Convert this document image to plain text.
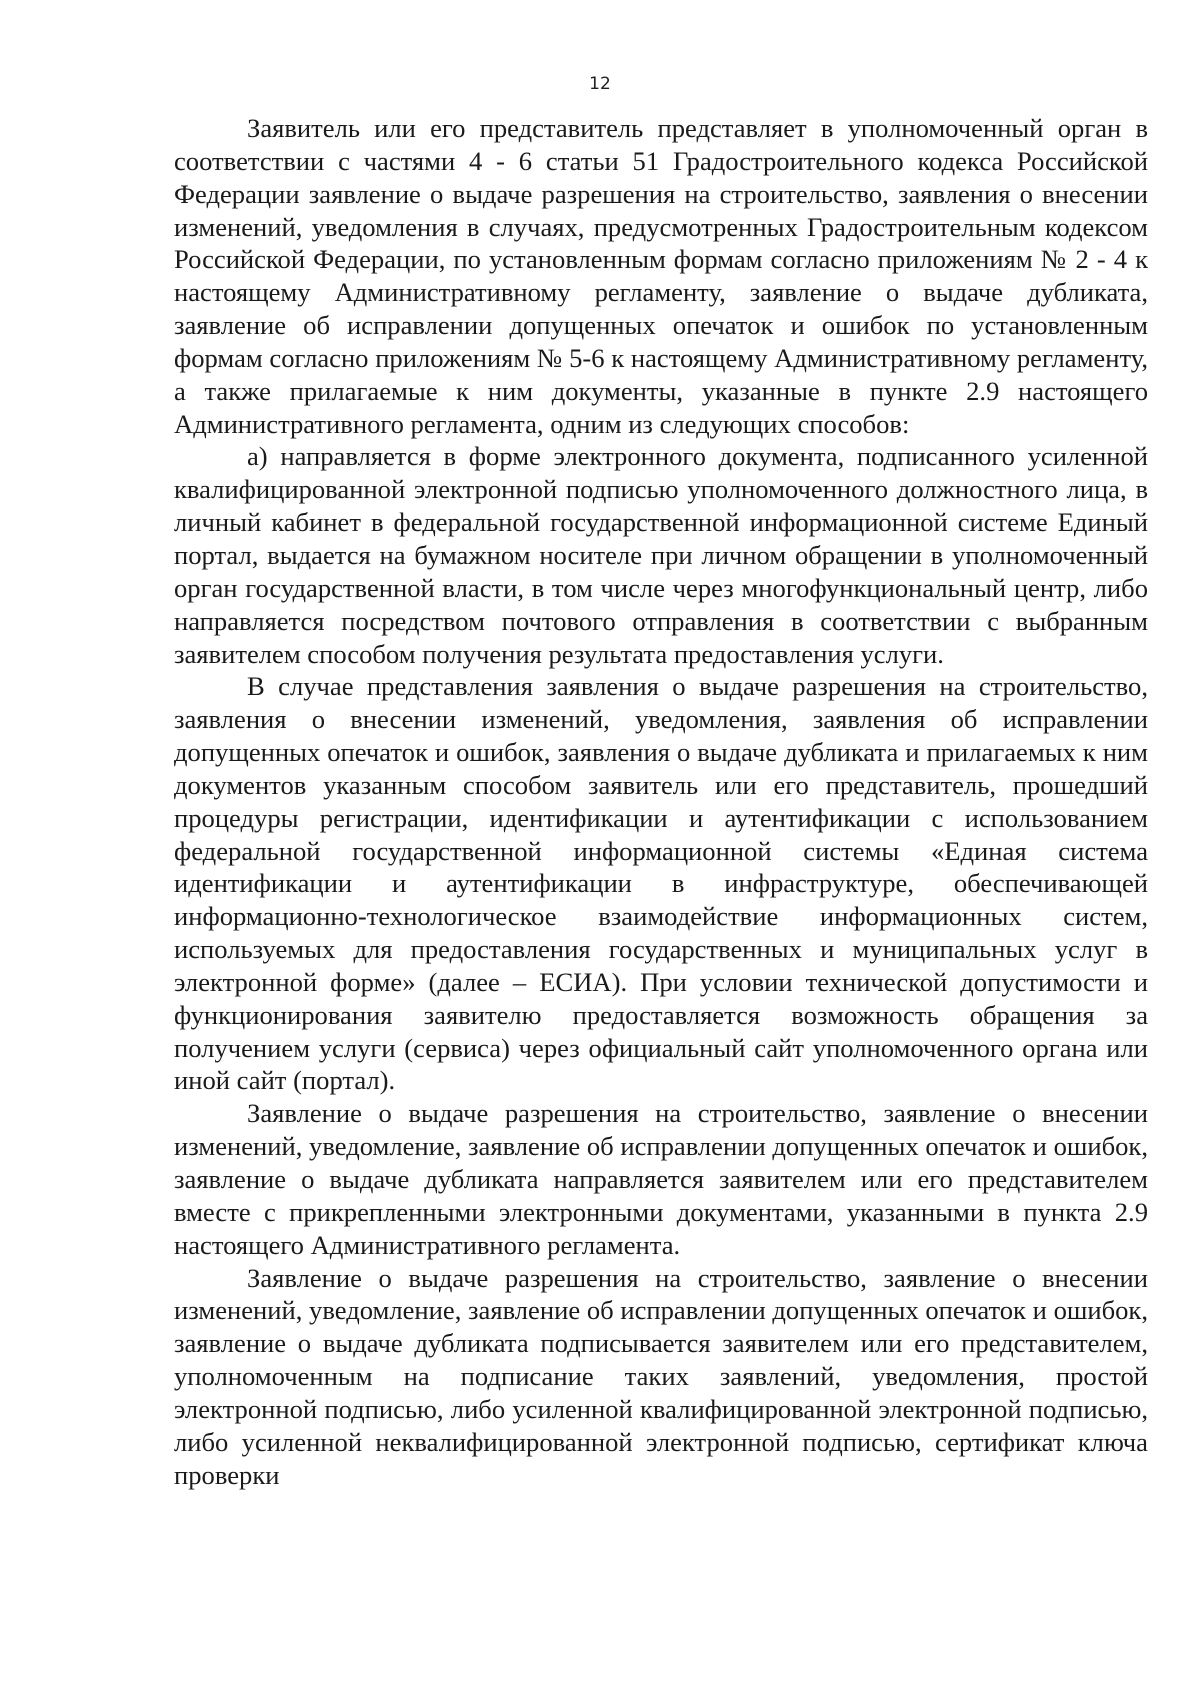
12

Заявитель или его представитель представляет в уполномоченный орган в соответствии с частями 4 - 6 статьи 51 Градостроительного кодекса Российской Федерации заявление о выдаче разрешения на строительство, заявления о внесении изменений, уведомления в случаях, предусмотренных Градостроительным кодексом Российской Федерации, по установленным формам согласно приложениям № 2 - 4 к настоящему Административному регламенту, заявление о выдаче дубликата, заявление об исправлении допущенных опечаток и ошибок по установленным формам согласно приложениям № 5-6 к настоящему Административному регламенту, а также прилагаемые к ним документы, указанные в пункте 2.9 настоящего Административного регламента, одним из следующих способов:

а) направляется в форме электронного документа, подписанного усиленной квалифицированной электронной подписью уполномоченного должностного лица, в личный кабинет в федеральной государственной информационной системе Единый портал, выдается на бумажном носителе при личном обращении в уполномоченный орган государственной власти, в том числе через многофункциональный центр, либо направляется посредством почтового отправления в соответствии с выбранным заявителем способом получения результата предоставления услуги.

В случае представления заявления о выдаче разрешения на строительство, заявления о внесении изменений, уведомления, заявления об исправлении допущенных опечаток и ошибок, заявления о выдаче дубликата и прилагаемых к ним документов указанным способом заявитель или его представитель, прошедший процедуры регистрации, идентификации и аутентификации с использованием федеральной государственной информационной системы «Единая система идентификации и аутентификации в инфраструктуре, обеспечивающей информационно-технологическое взаимодействие информационных систем, используемых для предоставления государственных и муниципальных услуг в электронной форме» (далее – ЕСИА). При условии технической допустимости и функционирования заявителю предоставляется возможность обращения за получением услуги (сервиса) через официальный сайт уполномоченного органа или иной сайт (портал).

Заявление о выдаче разрешения на строительство, заявление о внесении изменений, уведомление, заявление об исправлении допущенных опечаток и ошибок, заявление о выдаче дубликата направляется заявителем или его представителем вместе с прикрепленными электронными документами, указанными в пункта 2.9 настоящего Административного регламента.

Заявление о выдаче разрешения на строительство, заявление о внесении изменений, уведомление, заявление об исправлении допущенных опечаток и ошибок, заявление о выдаче дубликата подписывается заявителем или его представителем, уполномоченным на подписание таких заявлений, уведомления, простой электронной подписью, либо усиленной квалифицированной электронной подписью, либо усиленной неквалифицированной электронной подписью, сертификат ключа проверки
